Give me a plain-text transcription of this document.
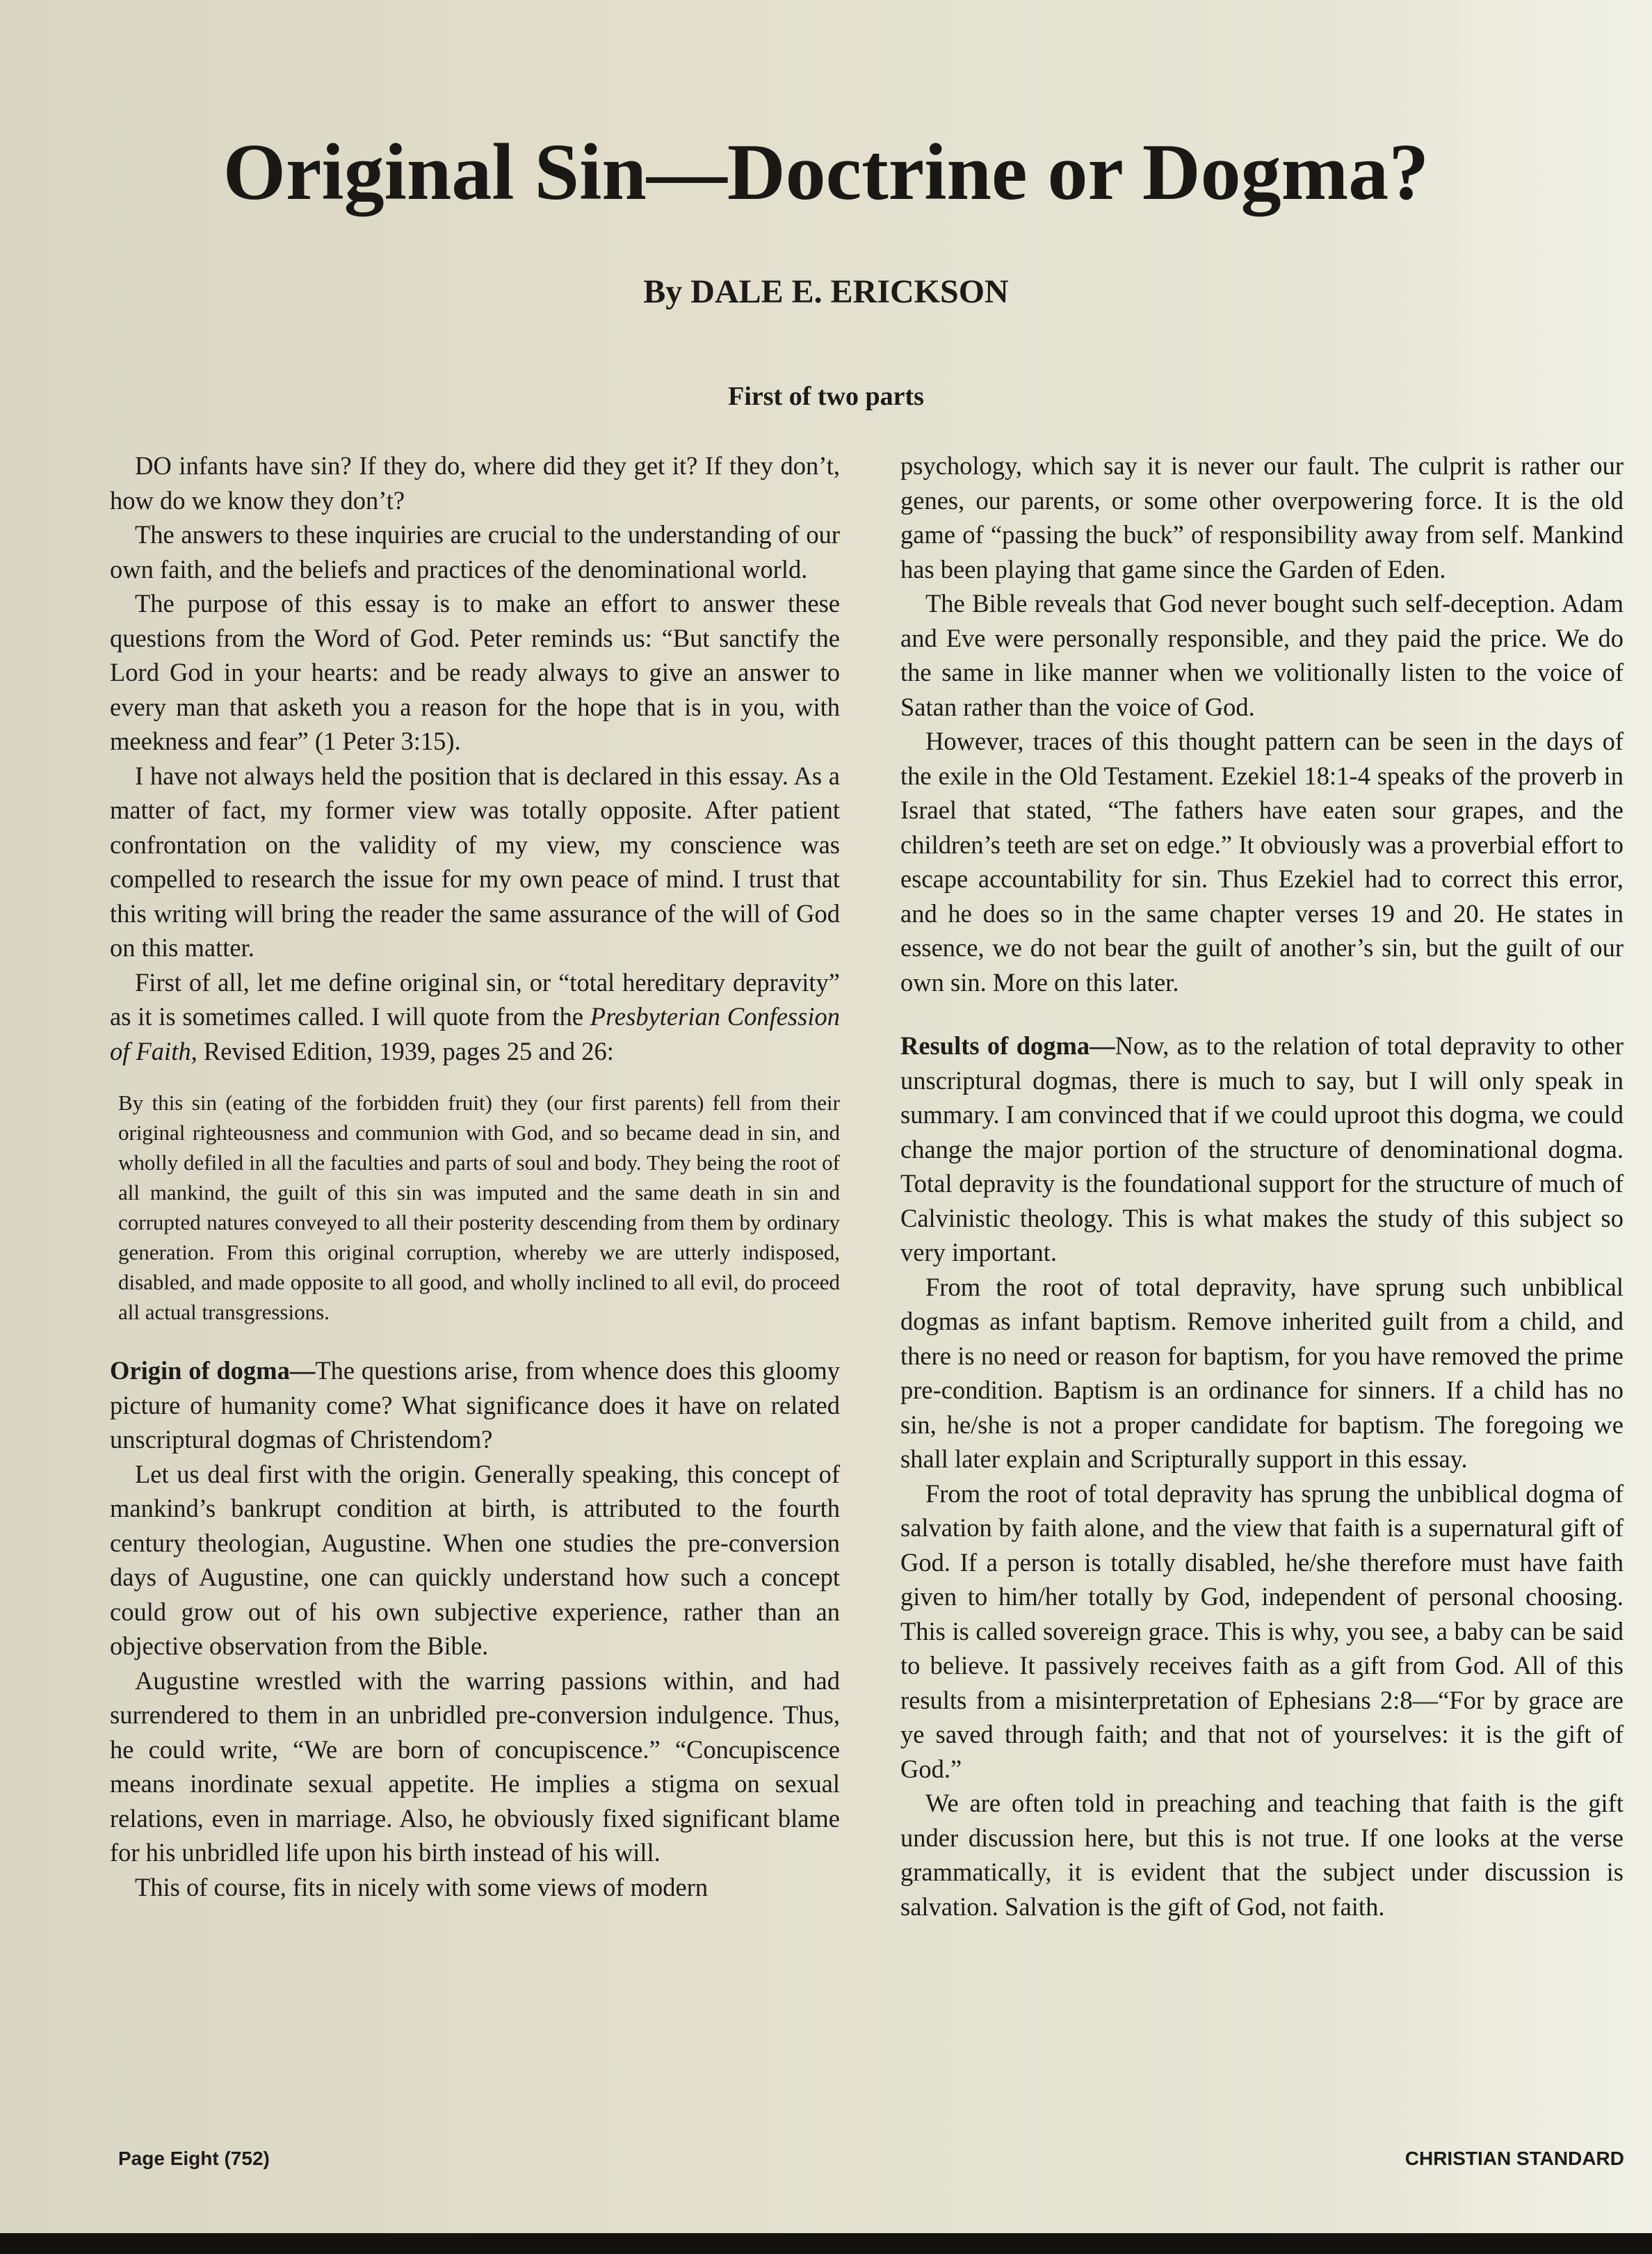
Original Sin—Doctrine or Dogma?

By DALE E. ERICKSON

First of two parts

DO infants have sin? If they do, where did they get it? If they don’t, how do we know they don’t?

The answers to these inquiries are crucial to the understanding of our own faith, and the beliefs and practices of the denominational world.

The purpose of this essay is to make an effort to answer these questions from the Word of God. Peter reminds us: “But sanctify the Lord God in your hearts: and be ready always to give an answer to every man that asketh you a reason for the hope that is in you, with meekness and fear” (1 Peter 3:15).

I have not always held the position that is declared in this essay. As a matter of fact, my former view was totally opposite. After patient confrontation on the validity of my view, my conscience was compelled to research the issue for my own peace of mind. I trust that this writing will bring the reader the same assurance of the will of God on this matter.

First of all, let me define original sin, or “total hereditary depravity” as it is sometimes called. I will quote from the Presbyterian Confession of Faith, Revised Edition, 1939, pages 25 and 26:

By this sin (eating of the forbidden fruit) they (our first parents) fell from their original righteousness and communion with God, and so became dead in sin, and wholly defiled in all the faculties and parts of soul and body. They being the root of all mankind, the guilt of this sin was imputed and the same death in sin and corrupted natures conveyed to all their posterity descending from them by ordinary generation. From this original corruption, whereby we are utterly indisposed, disabled, and made opposite to all good, and wholly inclined to all evil, do proceed all actual transgressions.

Origin of dogma—The questions arise, from whence does this gloomy picture of humanity come? What significance does it have on related unscriptural dogmas of Christendom?

Let us deal first with the origin. Generally speaking, this concept of mankind’s bankrupt condition at birth, is attributed to the fourth century theologian, Augustine. When one studies the pre-conversion days of Augustine, one can quickly understand how such a concept could grow out of his own subjective experience, rather than an objective observation from the Bible.

Augustine wrestled with the warring passions within, and had surrendered to them in an unbridled pre-conversion indulgence. Thus, he could write, “We are born of concupiscence.” “Concupiscence means inordinate sexual appetite. He implies a stigma on sexual relations, even in marriage. Also, he obviously fixed significant blame for his unbridled life upon his birth instead of his will.

This of course, fits in nicely with some views of modern

psychology, which say it is never our fault. The culprit is rather our genes, our parents, or some other overpowering force. It is the old game of “passing the buck” of responsibility away from self. Mankind has been playing that game since the Garden of Eden.

The Bible reveals that God never bought such self-deception. Adam and Eve were personally responsible, and they paid the price. We do the same in like manner when we volitionally listen to the voice of Satan rather than the voice of God.

However, traces of this thought pattern can be seen in the days of the exile in the Old Testament. Ezekiel 18:1-4 speaks of the proverb in Israel that stated, “The fathers have eaten sour grapes, and the children’s teeth are set on edge.” It obviously was a proverbial effort to escape accountability for sin. Thus Ezekiel had to correct this error, and he does so in the same chapter verses 19 and 20. He states in essence, we do not bear the guilt of another’s sin, but the guilt of our own sin. More on this later.

Results of dogma—Now, as to the relation of total depravity to other unscriptural dogmas, there is much to say, but I will only speak in summary. I am convinced that if we could uproot this dogma, we could change the major portion of the structure of denominational dogma. Total depravity is the foundational support for the structure of much of Calvinistic theology. This is what makes the study of this subject so very important.

From the root of total depravity, have sprung such unbiblical dogmas as infant baptism. Remove inherited guilt from a child, and there is no need or reason for baptism, for you have removed the prime pre-condition. Baptism is an ordinance for sinners. If a child has no sin, he/she is not a proper candidate for baptism. The foregoing we shall later explain and Scripturally support in this essay.

From the root of total depravity has sprung the unbiblical dogma of salvation by faith alone, and the view that faith is a supernatural gift of God. If a person is totally disabled, he/she therefore must have faith given to him/her totally by God, independent of personal choosing. This is called sovereign grace. This is why, you see, a baby can be said to believe. It passively receives faith as a gift from God. All of this results from a misinterpretation of Ephesians 2:8—“For by grace are ye saved through faith; and that not of yourselves: it is the gift of God.”

We are often told in preaching and teaching that faith is the gift under discussion here, but this is not true. If one looks at the verse grammatically, it is evident that the subject under discussion is salvation. Salvation is the gift of God, not faith.

Page Eight (752)	CHRISTIAN STANDARD
